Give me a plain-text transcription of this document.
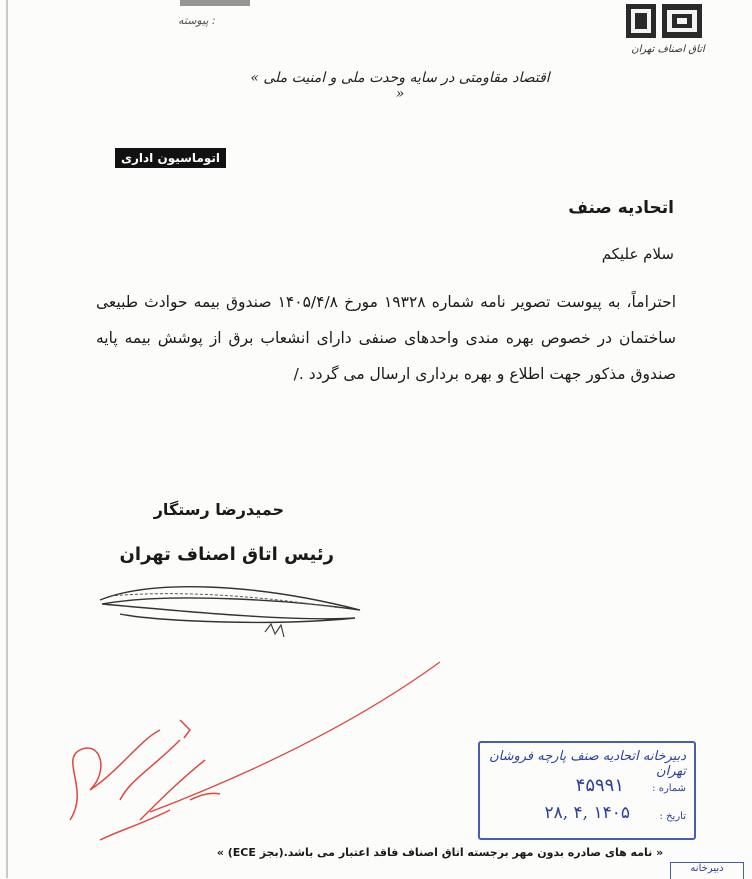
پیوسته :
اتاق اصناف تهران
« اقتصاد مقاومتی در سایه وحدت ملی و امنیت ملی »
اتوماسیون اداری
اتحادیه صنف
سلام علیکم
احتراماً، به پیوست تصویر نامه شماره ۱۹۳۲۸ مورخ ۱۴۰۵/۴/۸ صندوق بیمه حوادث طبیعی ساختمان در خصوص بهره مندی واحدهای صنفی دارای انشعاب برق از پوشش بیمه پایه صندوق مذکور جهت اطلاع و بهره برداری ارسال می گردد ./
حمیدرضا رستگار
رئیس اتاق اصناف تهران
دبیرخانه اتحادیه صنف پارچه فروشان تهران
شماره :
۴۵۹۹۱
تاریخ :
۱۴۰۵ ,۴ ,۲۸
« نامه های صادره بدون مهر برجسته اتاق اصناف فاقد اعتبار می باشد.(بجز ECE) »
دبیرخانه
